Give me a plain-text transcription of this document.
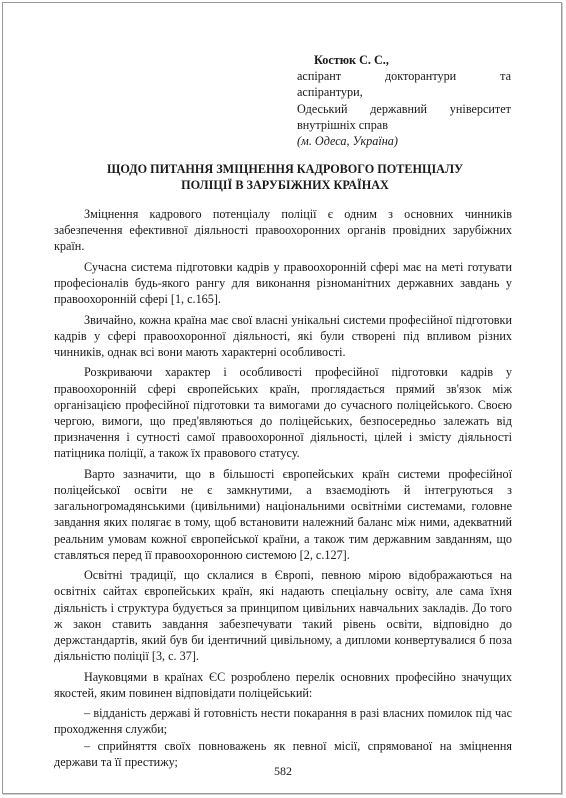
Костюк С. С.,
аспірант докторантури та
аспірантури,
Одеський державний університет
внутрішніх справ
(м. Одеса, Україна)
ЩОДО ПИТАННЯ ЗМІЦНЕННЯ КАДРОВОГО ПОТЕНЦІАЛУ
ПОЛІЦІЇ В ЗАРУБІЖНИХ КРАЇНАХ

Зміцнення кадрового потенціалу поліції є одним з основних чинників забезпечення ефективної діяльності правоохоронних органів провідних зарубіжних країн.

Сучасна система підготовки кадрів у правоохоронній сфері має на меті готувати професіоналів будь-якого рангу для виконання різноманітних державних завдань у правоохоронній сфері [1, с.165].

Звичайно, кожна країна має свої власні унікальні системи професійної підготовки кадрів у сфері правоохоронної діяльності, які були створені під впливом різних чинників, однак всі вони мають характерні особливості.

Розкриваючи характер і особливості професійної підготовки кадрів у правоохоронній сфері європейських країн, проглядається прямий зв'язок між організацією професійної підготовки та вимогами до сучасного поліцейського. Своєю чергою, вимоги, що пред'являються до поліцейських, безпосередньо залежать від призначення і сутності самої правоохоронної діяльності, цілей і змісту діяльності патіцника поліції, а також їх правового статусу.

Варто зазначити, що в більшості європейських країн системи професійної поліцейської освіти не є замкнутими, а взаємодіють й інтегруються з загальногромадянськими (цивільними) національними освітніми системами, головне завдання яких полягає в тому, щоб встановити належний баланс між ними, адекватний реальним умовам кожної європейської країни, а також тим державним завданням, що ставляться перед її правоохоронною системою [2, с.127].

Освітні традиції, що склалися в Європі, певною мірою відображаються на освітніх сайтах європейських країн, які надають спеціальну освіту, але сама їхня діяльність і структура будується за принципом цивільних навчальних закладів. До того ж закон ставить завдання забезпечувати такий рівень освіти, відповідно до держстандартів, який був би ідентичний цивільному, а дипломи конвертувалися б поза діяльністю поліції [3, с. 37].

Науковцями в країнах ЄС розроблено перелік основних професійно значущих якостей, яким повинен відповідати поліцейський:

– відданість державі й готовність нести покарання в разі власних помилок під час проходження служби;

– сприйняття своїх повноважень як певної місії, спрямованої на зміцнення держави та її престижу;

582
